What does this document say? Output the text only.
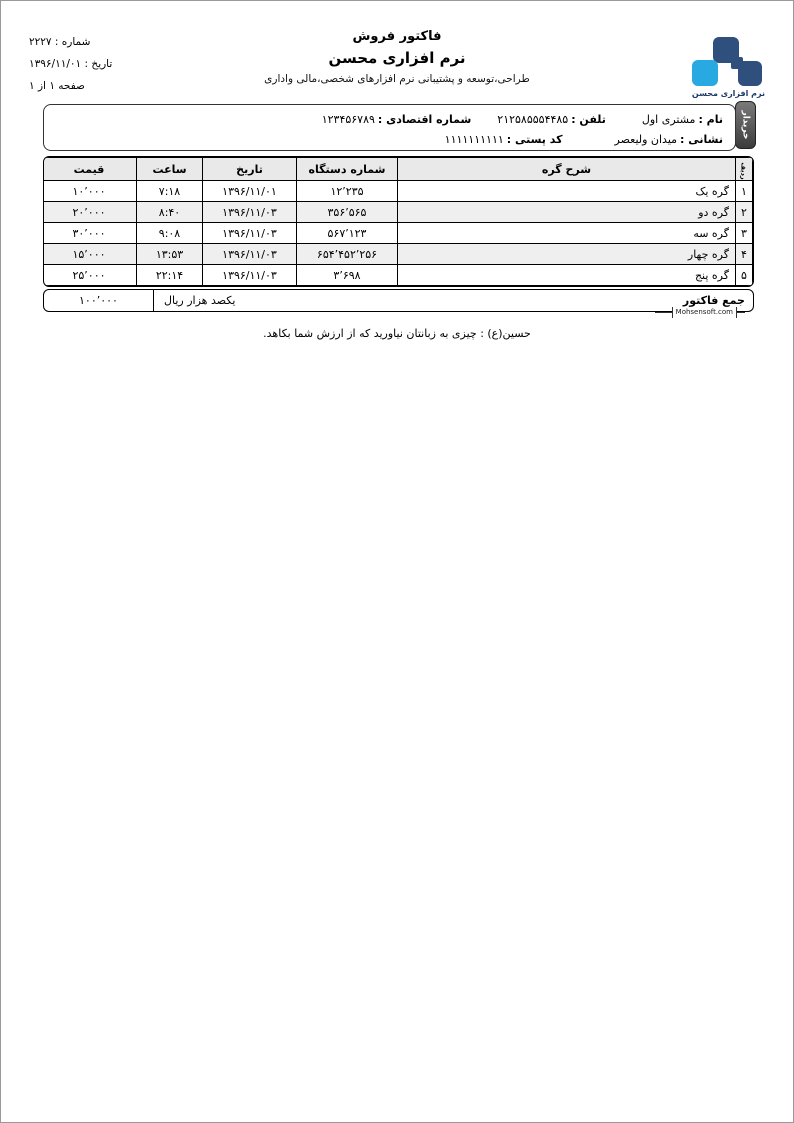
شماره : ۲۲۲۷
تاریخ : ۱۳۹۶/۱۱/۰۱
صفحه ۱ از ۱
فاکتور فروش
نرم افزاری محسن
طراحی،توسعه و پشتیبانی نرم افزارهای شخصی،مالی واداری
نرم افزاری محسن
خریدار
نام :
مشتری اول
تلفن :
۲۱۲۵۸۵۵۵۴۴۸۵
شماره اقتصادی :
۱۲۳۴۵۶۷۸۹
نشانی :
میدان ولیعصر
کد پستی :
۱۱۱۱۱۱۱۱۱۱
ردیف	شرح گره	شماره دستگاه	تاریخ	ساعت	قیمت
۱	گره یک	۱۲٬۲۳۵	۱۳۹۶/۱۱/۰۱	۷:۱۸	۱۰٬۰۰۰
۲	گره دو	۳۵۶٬۵۶۵	۱۳۹۶/۱۱/۰۳	۸:۴۰	۲۰٬۰۰۰
۳	گره سه	۵۶۷٬۱۲۳	۱۳۹۶/۱۱/۰۳	۹:۰۸	۳۰٬۰۰۰
۴	گره چهار	۶۵۴٬۴۵۲٬۲۵۶	۱۳۹۶/۱۱/۰۳	۱۳:۵۳	۱۵٬۰۰۰
۵	گره پنج	۳٬۶۹۸	۱۳۹۶/۱۱/۰۳	۲۲:۱۴	۲۵٬۰۰۰
جمع فاکتور
یکصد هزار ریال
۱۰۰٬۰۰۰
Mohsensoft.com
حسین(ع) : چیزی به زبانتان نیاورید که از ارزش شما بکاهد.
